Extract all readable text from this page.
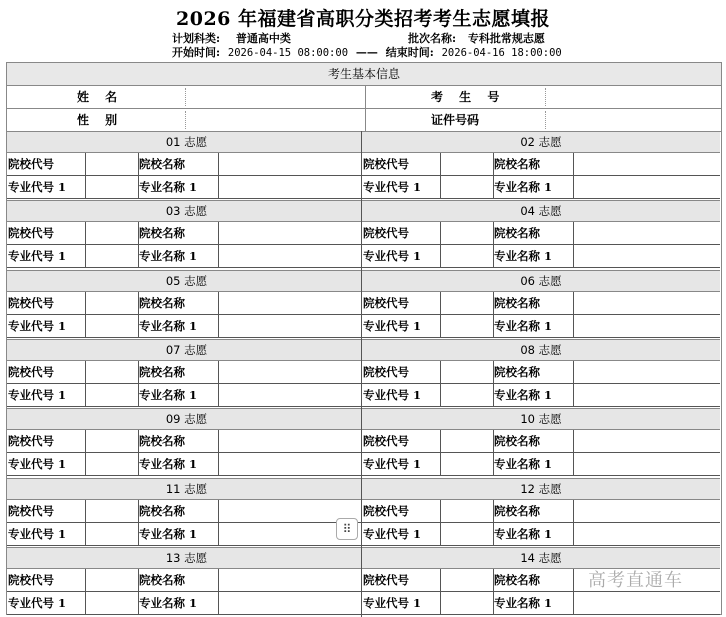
2026 年福建省高职分类招考考生志愿填报
计划科类: 普通高中类	批次名称: 专科批常规志愿
开始时间: 2026-04-15 08:00:00 —— 结束时间: 2026-04-16 18:00:00
考生基本信息
姓 名	考 生 号
性 别	证件号码
01 志愿
院校代号	院校名称
专业代号 1	专业名称 1
02 志愿
院校代号	院校名称
专业代号 1	专业名称 1
03 志愿
院校代号	院校名称
专业代号 1	专业名称 1
04 志愿
院校代号	院校名称
专业代号 1	专业名称 1
05 志愿
院校代号	院校名称
专业代号 1	专业名称 1
06 志愿
院校代号	院校名称
专业代号 1	专业名称 1
07 志愿
院校代号	院校名称
专业代号 1	专业名称 1
08 志愿
院校代号	院校名称
专业代号 1	专业名称 1
09 志愿
院校代号	院校名称
专业代号 1	专业名称 1
10 志愿
院校代号	院校名称
专业代号 1	专业名称 1
11 志愿
院校代号	院校名称
专业代号 1	专业名称 1
12 志愿
院校代号	院校名称
专业代号 1	专业名称 1
13 志愿
院校代号	院校名称
专业代号 1	专业名称 1
14 志愿
院校代号	院校名称
专业代号 1	专业名称 1
⠿
高考直通车
